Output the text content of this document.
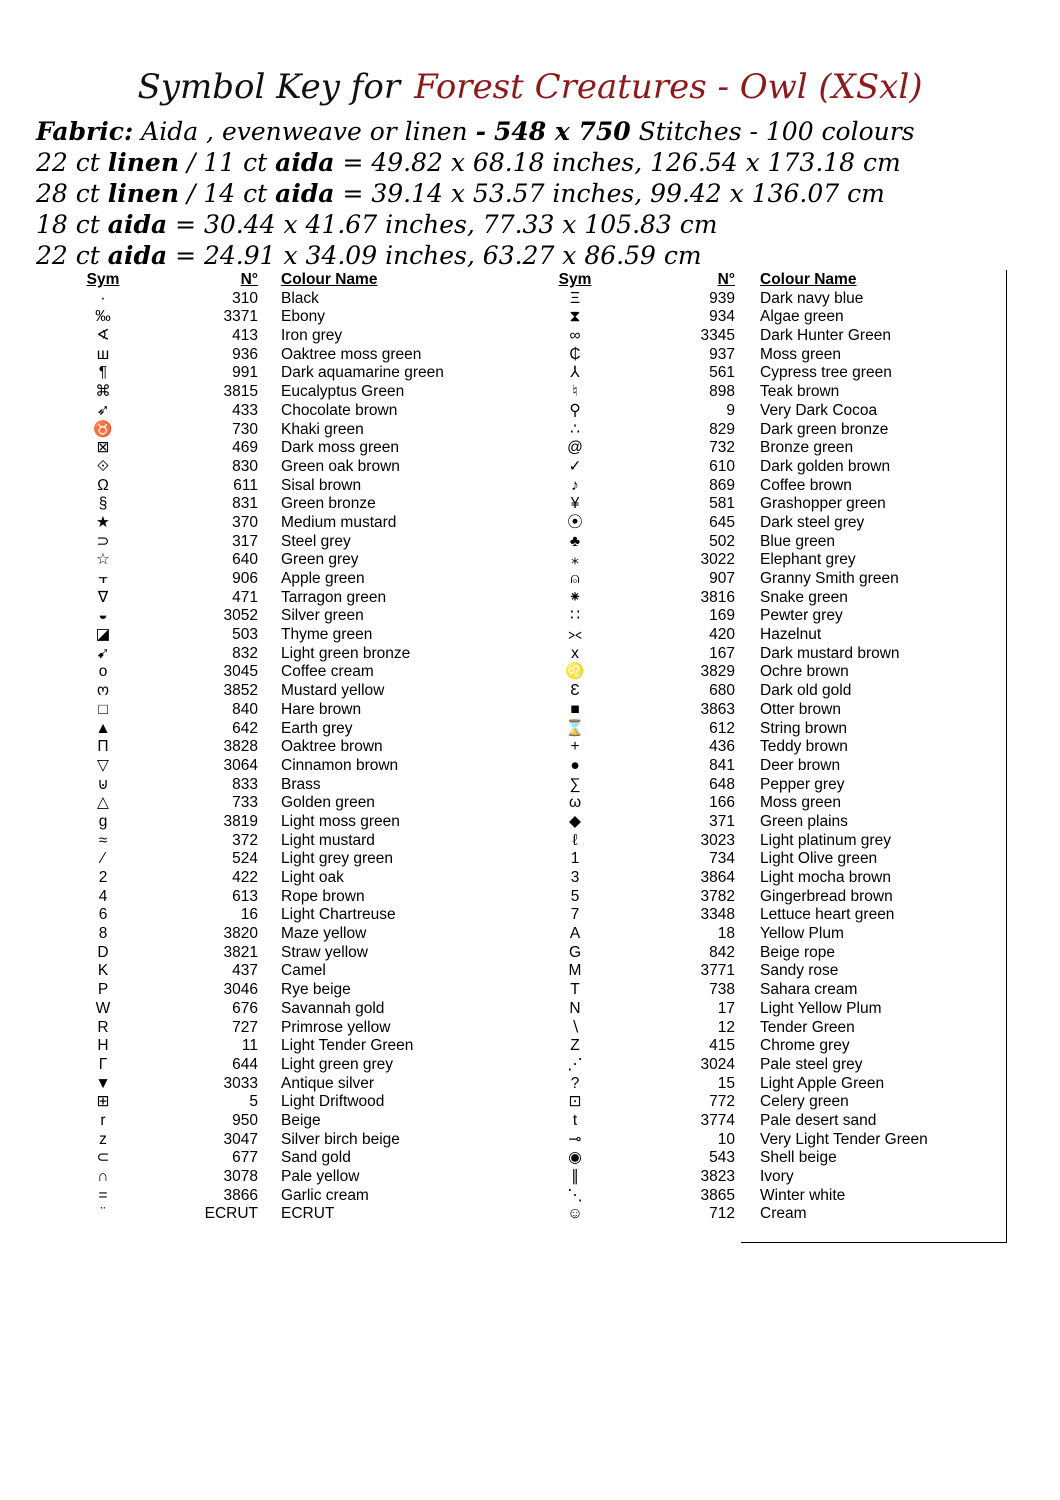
Symbol Key for Forest Creatures - Owl (XSxl)
Fabric: Aida , evenweave or linen - 548 x 750 Stitches - 100 colours
22 ct linen / 11 ct aida = 49.82 x 68.18 inches, 126.54 x 173.18 cm
28 ct linen / 14 ct aida = 39.14 x 53.57 inches, 99.42 x 136.07 cm
18 ct aida = 30.44 x 41.67 inches, 77.33 x 105.83 cm
22 ct aida = 24.91 x 34.09 inches, 63.27 x 86.59 cm
Sym	N° Colour Name
·	310 Black
‰	3371 Ebony
∢	413 Iron grey
ш	936 Oaktree moss green
¶	991 Dark aquamarine green
⌘	3815 Eucalyptus Green
➶	433 Chocolate brown
♉	730 Khaki green
⊠	469 Dark moss green
⟐	830 Green oak brown
Ω	611 Sisal brown
§	831 Green bronze
★	370 Medium mustard
⊃	317 Steel grey
☆	640 Green grey
⫟	906 Apple green
∇	471 Tarragon green
◒	3052 Silver green
◪	503 Thyme green
➹	832 Light green bronze
o	3045 Coffee cream
ო	3852 Mustard yellow
□	840 Hare brown
▲	642 Earth grey
Π	3828 Oaktree brown
▽	3064 Cinnamon brown
⊍	833 Brass
△	733 Golden green
g	3819 Light moss green
≈	372 Light mustard
⁄	524 Light grey green
2	422 Light oak
4	613 Rope brown
6	16 Light Chartreuse
8	3820 Maze yellow
D	3821 Straw yellow
K	437 Camel
P	3046 Rye beige
W	676 Savannah gold
R	727 Primrose yellow
H	11 Light Tender Green
Γ	644 Light green grey
▼	3033 Antique silver
⊞	5 Light Driftwood
r	950 Beige
z	3047 Silver birch beige
⊂	677 Sand gold
∩	3078 Pale yellow
=	3866 Garlic cream
¨	ECRUT ECRUT
Sym	N° Colour Name
Ξ	939 Dark navy blue
⧗	934 Algae green
∞	3345 Dark Hunter Green
₵	937 Moss green
⅄	561 Cypress tree green
♮	898 Teak brown
⚲	9 Very Dark Cocoa
∴	829 Dark green bronze
@	732 Bronze green
✓	610 Dark golden brown
♪	869 Coffee brown
¥	581 Grashopper green
⦿	645 Dark steel grey
♣	502 Blue green
⁎	3022 Elephant grey
⍝	907 Granny Smith green
⁕	3816 Snake green
∷	169 Pewter grey
⪥	420 Hazelnut
x	167 Dark mustard brown
♌	3829 Ochre brown
Ɛ	680 Dark old gold
■	3863 Otter brown
⌛	612 String brown
+	436 Teddy brown
●	841 Deer brown
∑	648 Pepper grey
ω	166 Moss green
◆	371 Green plains
ℓ	3023 Light platinum grey
1	734 Light Olive green
3	3864 Light mocha brown
5	3782 Gingerbread brown
7	3348 Lettuce heart green
A	18 Yellow Plum
G	842 Beige rope
M	3771 Sandy rose
T	738 Sahara cream
N	17 Light Yellow Plum
∖	12 Tender Green
Z	415 Chrome grey
⋰	3024 Pale steel grey
?	15 Light Apple Green
⊡	772 Celery green
t	3774 Pale desert sand
⊸	10 Very Light Tender Green
◉	543 Shell beige
∥	3823 Ivory
⋱	3865 Winter white
☺	712 Cream
